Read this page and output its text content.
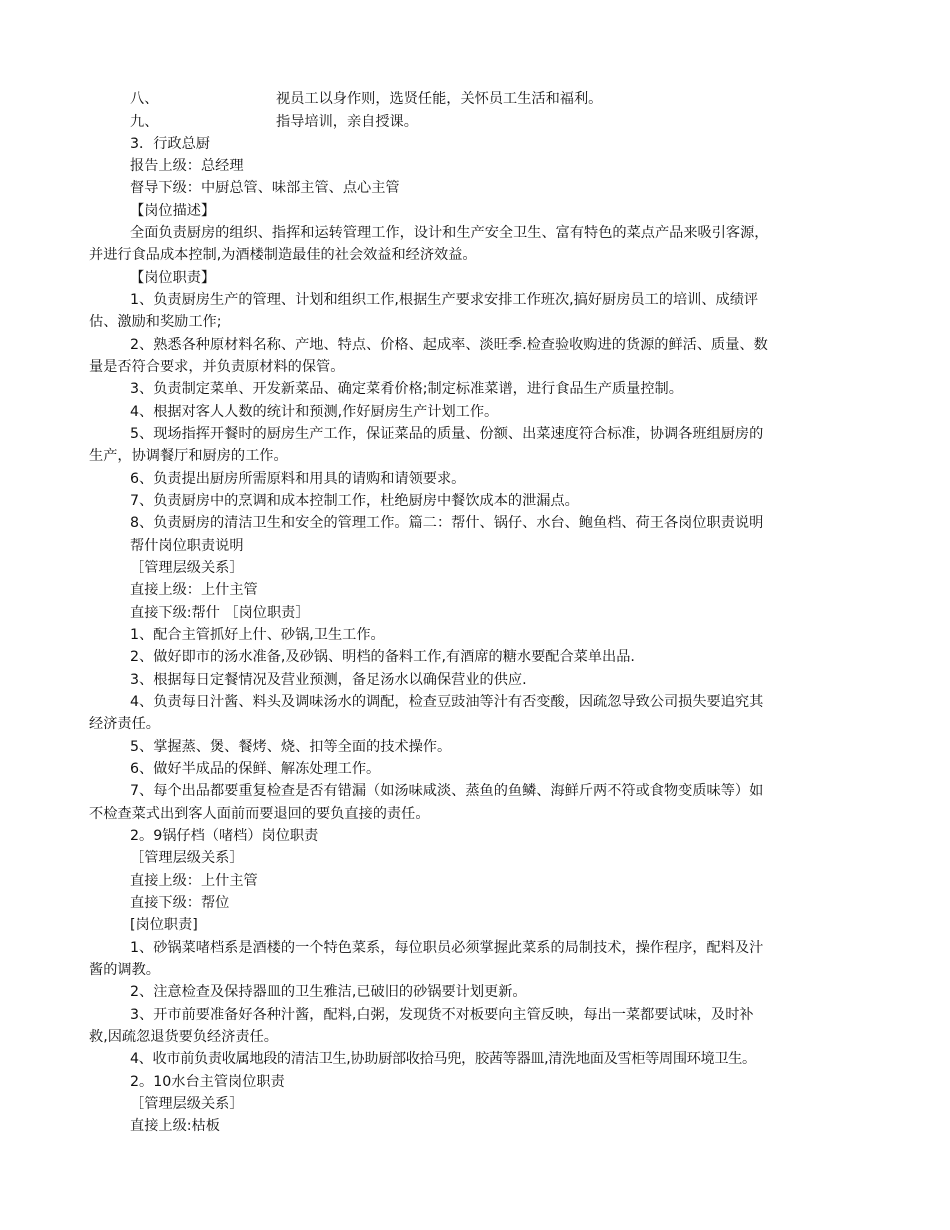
八、	视员工以身作则，选贤任能，关怀员工生活和福利。
九、	指导培训，亲自授课。
3．行政总厨
报告上级：总经理
督导下级：中厨总管、味部主管、点心主管
【岗位描述】
全面负责厨房的组织、指挥和运转管理工作，设计和生产安全卫生、富有特色的菜点产品来吸引客源，
并进行食品成本控制,为酒楼制造最佳的社会效益和经济效益。
【岗位职责】
1、负责厨房生产的管理、计划和组织工作,根据生产要求安排工作班次,搞好厨房员工的培训、成绩评
估、激励和奖励工作;
2、熟悉各种原材料名称、产地、特点、价格、起成率、淡旺季.检查验收购进的货源的鲜活、质量、数
量是否符合要求，并负责原材料的保管。
3、负责制定菜单、开发新菜品、确定菜肴价格;制定标准菜谱，进行食品生产质量控制。
4、根据对客人人数的统计和预测,作好厨房生产计划工作。
5、现场指挥开餐时的厨房生产工作，保证菜品的质量、份额、出菜速度符合标准，协调各班组厨房的
生产，协调餐厅和厨房的工作。
6、负责提出厨房所需原料和用具的请购和请领要求。
7、负责厨房中的烹调和成本控制工作，杜绝厨房中餐饮成本的泄漏点。
8、负责厨房的清洁卫生和安全的管理工作。篇二：帮什、锅仔、水台、鲍鱼档、荷王各岗位职责说明
帮什岗位职责说明
［管理层级关系］
直接上级：上什主管
直接下级:帮什 ［岗位职责］
1、配合主管抓好上什、砂锅,卫生工作。
2、做好即市的汤水准备,及砂锅、明档的备料工作,有酒席的糖水要配合菜单出品.
3、根据每日定餐情况及营业预测，备足汤水以确保营业的供应.
4、负责每日汁酱、料头及调味汤水的调配，检查豆豉油等汁有否变酸，因疏忽导致公司损失要追究其
经济责任。
5、掌握蒸、煲、餐烤、烧、扣等全面的技术操作。
6、做好半成品的保鲜、解冻处理工作。
7、每个出品都要重复检查是否有错漏（如汤味咸淡、蒸鱼的鱼鳞、海鲜斤两不符或食物变质味等）如
不检查菜式出到客人面前而要退回的要负直接的责任。
2。9锅仔档（啫档）岗位职责
［管理层级关系］
直接上级：上什主管
直接下级：帮位
[岗位职责]
1、砂锅菜啫档系是酒楼的一个特色菜系，每位职员必须掌握此菜系的局制技术，操作程序，配料及汁
酱的调教。
2、注意检查及保持器皿的卫生雅洁,已破旧的砂锅要计划更新。
3、开市前要准备好各种汁酱，配料,白粥，发现货不对板要向主管反映，每出一菜都要试味，及时补
救,因疏忽退货要负经济责任。
4、收市前负责收属地段的清洁卫生,协助厨部收拾马兜，胶茜等器皿,清洗地面及雪柜等周围环境卫生。
2。10水台主管岗位职责
［管理层级关系］
直接上级:枯板
